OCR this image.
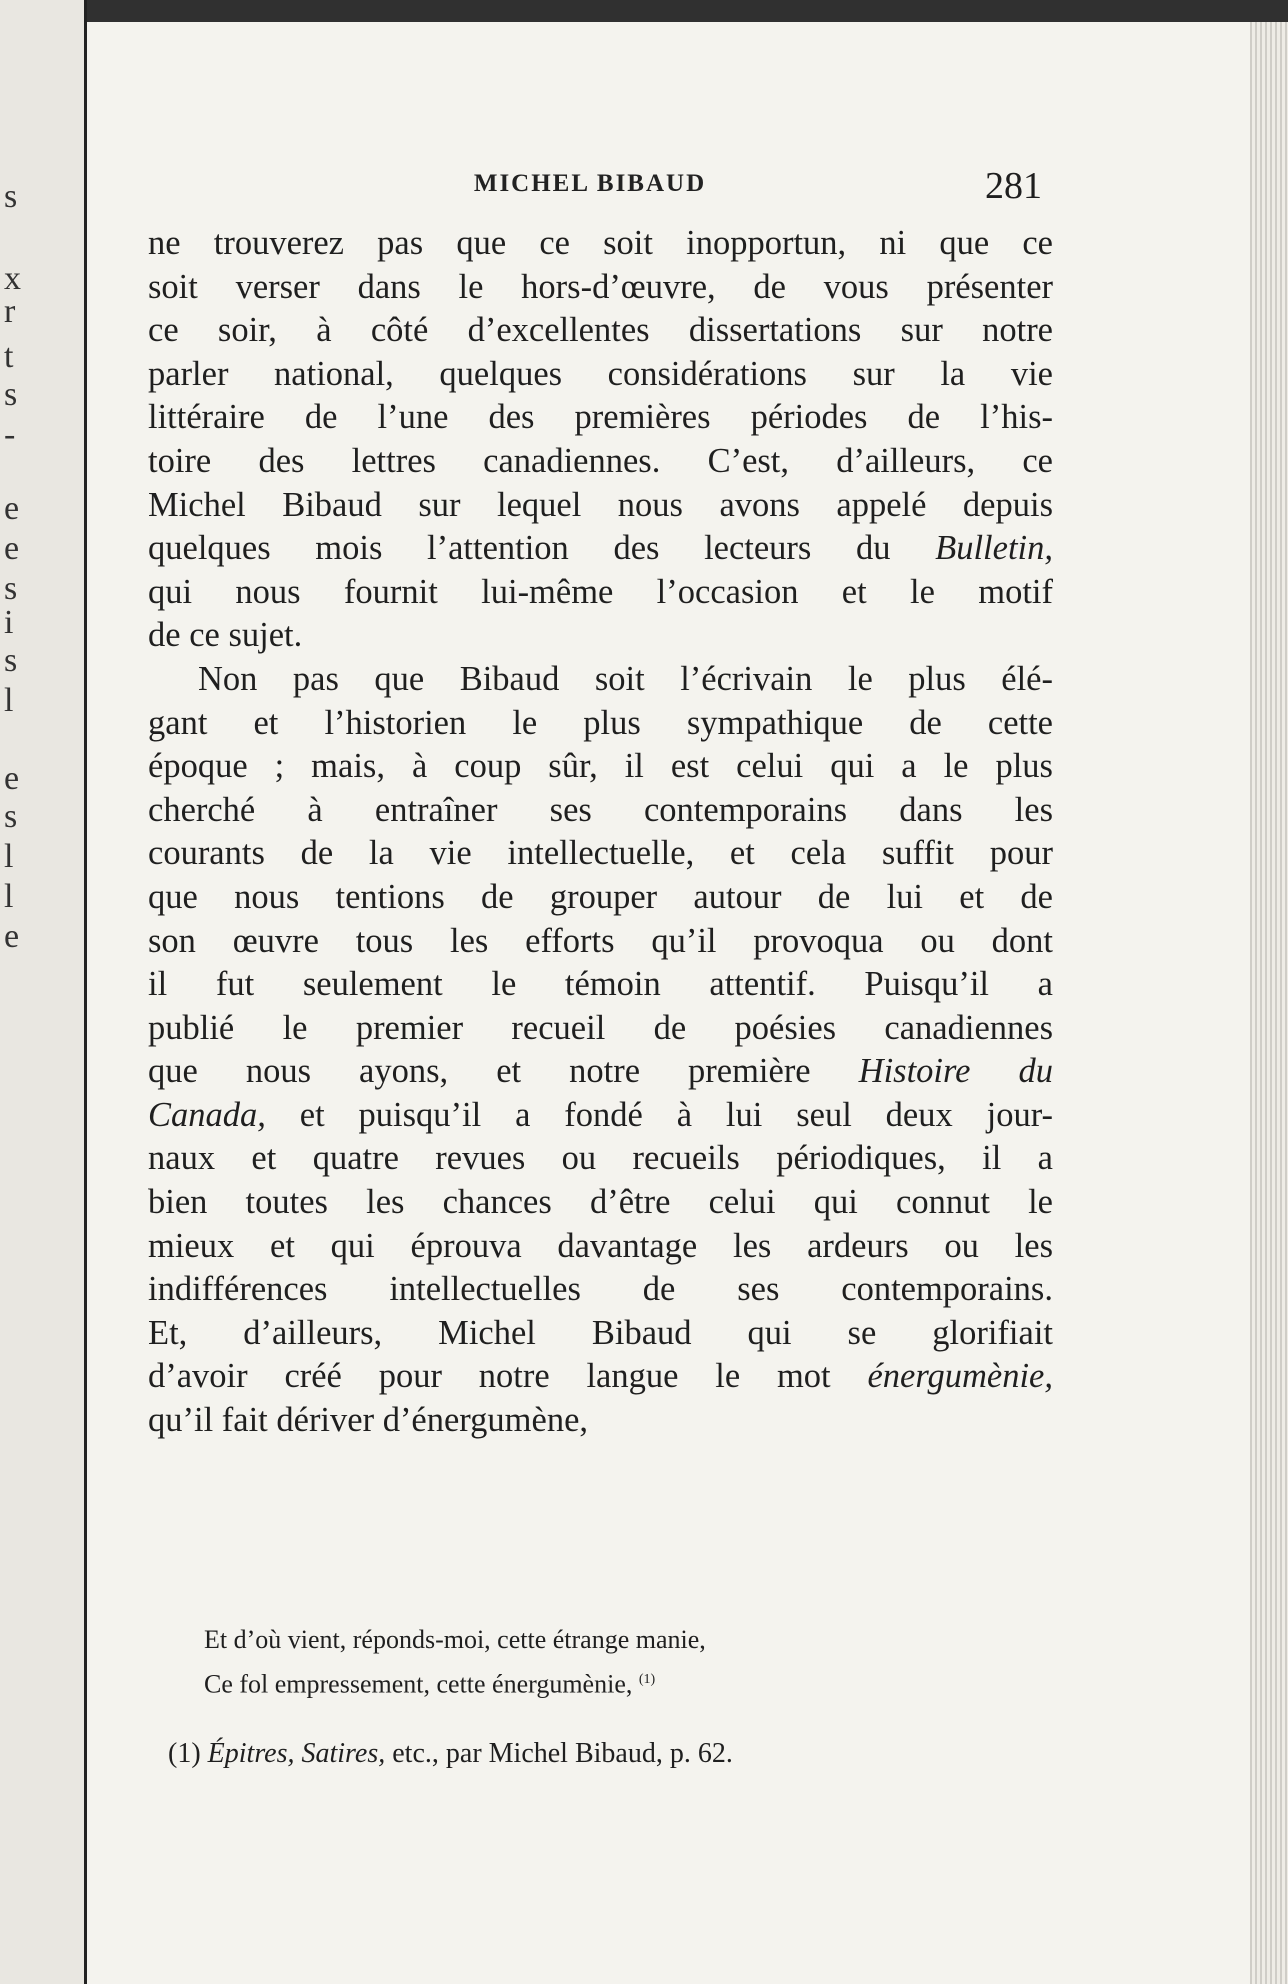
s
x
r
t
s
-
e
e
s
i
s
l
e
s
l
l
e
MICHEL BIBAUD	281
ne trouverez pas que ce soit inopportun, ni que ce
soit verser dans le hors-d’œuvre, de vous présenter
ce soir, à côté d’excellentes dissertations sur notre
parler national, quelques considérations sur la vie
littéraire de l’une des premières périodes de l’his-
toire des lettres canadiennes. C’est, d’ailleurs, ce
Michel Bibaud sur lequel nous avons appelé depuis
quelques mois l’attention des lecteurs du Bulletin,
qui nous fournit lui-même l’occasion et le motif
de ce sujet.
Non pas que Bibaud soit l’écrivain le plus élé-
gant et l’historien le plus sympathique de cette
époque ; mais, à coup sûr, il est celui qui a le plus
cherché à entraîner ses contemporains dans les
courants de la vie intellectuelle, et cela suffit pour
que nous tentions de grouper autour de lui et de
son œuvre tous les efforts qu’il provoqua ou dont
il fut seulement le témoin attentif. Puisqu’il a
publié le premier recueil de poésies canadiennes
que nous ayons, et notre première Histoire du
Canada, et puisqu’il a fondé à lui seul deux jour-
naux et quatre revues ou recueils périodiques, il a
bien toutes les chances d’être celui qui connut le
mieux et qui éprouva davantage les ardeurs ou les
indifférences intellectuelles de ses contemporains.
Et, d’ailleurs, Michel Bibaud qui se glorifiait
d’avoir créé pour notre langue le mot énergumènie,
qu’il fait dériver d’énergumène,
Et d’où vient, réponds-moi, cette étrange manie,
Ce fol empressement, cette énergumènie, $^{(1)}$
(1) Épitres, Satires, etc., par Michel Bibaud, p. 62.
